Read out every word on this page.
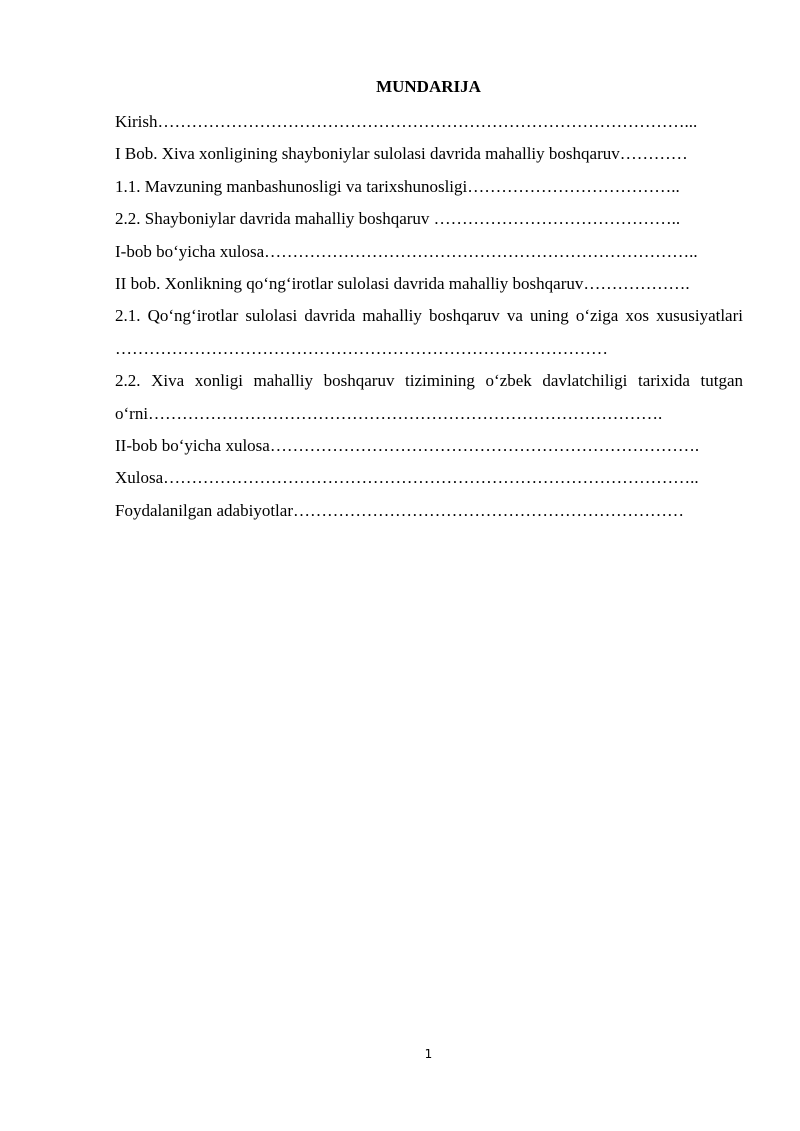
MUNDARIJA

Kirish…………………………………………………………………………………...

I Bob. Xiva xonligining shayboniylar sulolasi davrida mahalliy boshqaruv…………

1.1. Mavzuning manbashunosligi va tarixshunosligi………………………………..

2.2. Shayboniylar davrida mahalliy boshqaruv ……………………………………..

I-bob bo‘yicha xulosa…………………………………………………………………..

II bob. Xonlikning qo‘ng‘irotlar sulolasi davrida mahalliy boshqaruv……………….

2.1. Qo‘ng‘irotlar sulolasi davrida mahalliy boshqaruv va uning o‘ziga xos xususiyatlari ……………………………………………………………………………

2.2. Xiva xonligi mahalliy boshqaruv tizimining o‘zbek davlatchiligi tarixida tutgan o‘rni……………………………………………………………………………….

II-bob bo‘yicha xulosa………………………………………………………………….

Xulosa…………………………………………………………………………………..

Foydalanilgan adabiyotlar……………………………………………………………

1
